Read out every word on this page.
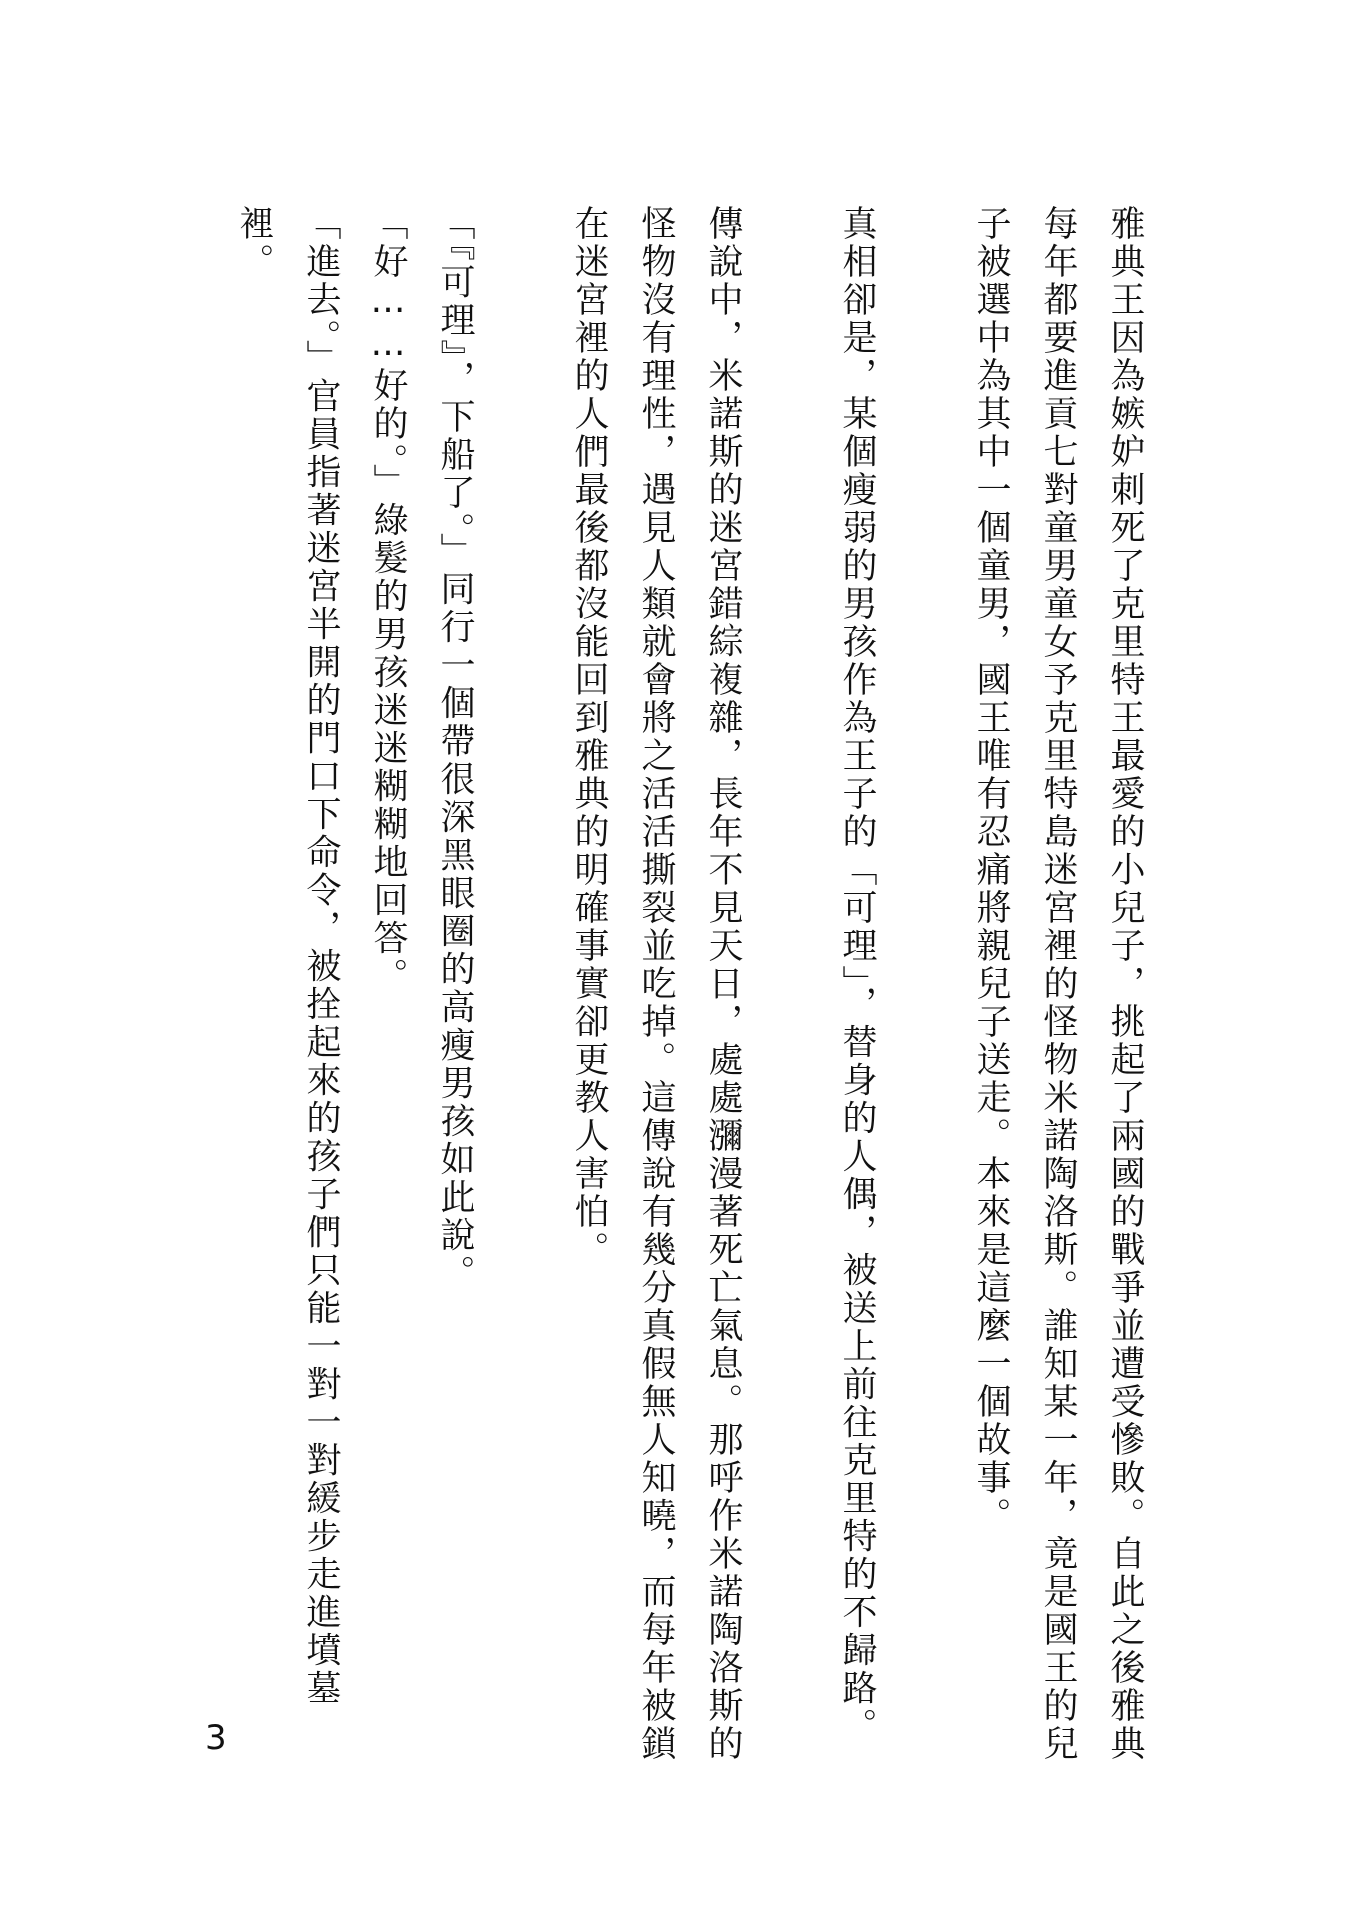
雅典王因為嫉妒刺死了克里特王最愛的小兒子，挑起了兩國的戰爭並遭受慘敗。自此之後雅典每年都要進貢七對童男童女予克里特島迷宮裡的怪物米諾陶洛斯。誰知某一年，竟是國王的兒子被選中為其中一個童男，國王唯有忍痛將親兒子送走。本來是這麼一個故事。

真相卻是，某個瘦弱的男孩作為王子的「可理」，替身的人偶，被送上前往克里特的不歸路。

傳說中，米諾斯的迷宮錯綜複雜，長年不見天日，處處瀰漫著死亡氣息。那呼作米諾陶洛斯的怪物沒有理性，遇見人類就會將之活活撕裂並吃掉。這傳說有幾分真假無人知曉，而每年被鎖在迷宮裡的人們最後都沒能回到雅典的明確事實卻更教人害怕。

「『可理』，下船了。」同行一個帶很深黑眼圈的高瘦男孩如此說。

「好……好的。」綠髮的男孩迷迷糊糊地回答。

「進去。」官員指著迷宮半開的門口下命令，被拴起來的孩子們只能一對一對緩步走進墳墓裡。

3
